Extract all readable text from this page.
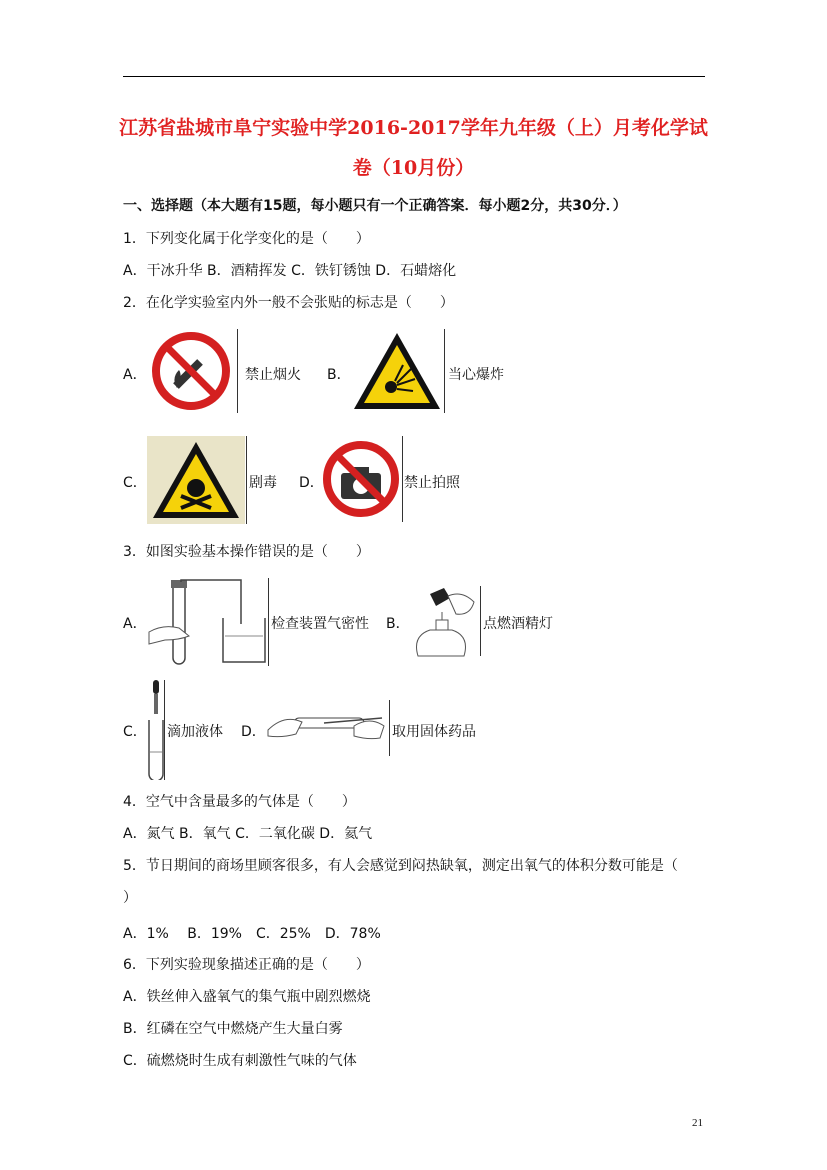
江苏省盐城市阜宁实验中学2016-2017学年九年级（上）月考化学试
卷（10月份）
一、选择题（本大题有15题，每小题只有一个正确答案．每小题2分，共30分．）
1．下列变化属于化学变化的是（　　）
A．干冰升华 B．酒精挥发 C．铁钉锈蚀 D．石蜡熔化
2．在化学实验室内外一般不会张贴的标志是（　　）
A．	禁止烟火 B．	当心爆炸
C．	剧毒 D．	禁止拍照
3．如图实验基本操作错误的是（　　）
A．	检查装置气密性 B．	点燃酒精灯
C． 滴加液体 D．	取用固体药品
4．空气中含量最多的气体是（　　）
A．氮气 B．氧气 C．二氧化碳 D．氦气
5．节日期间的商场里顾客很多，有人会感觉到闷热缺氧，测定出氧气的体积分数可能是（
）
A．1%　 B．19%　C．25%　D．78%
6．下列实验现象描述正确的是（　　）
A．铁丝伸入盛氧气的集气瓶中剧烈燃烧
B．红磷在空气中燃烧产生大量白雾
C．硫燃烧时生成有刺激性气味的气体
21
